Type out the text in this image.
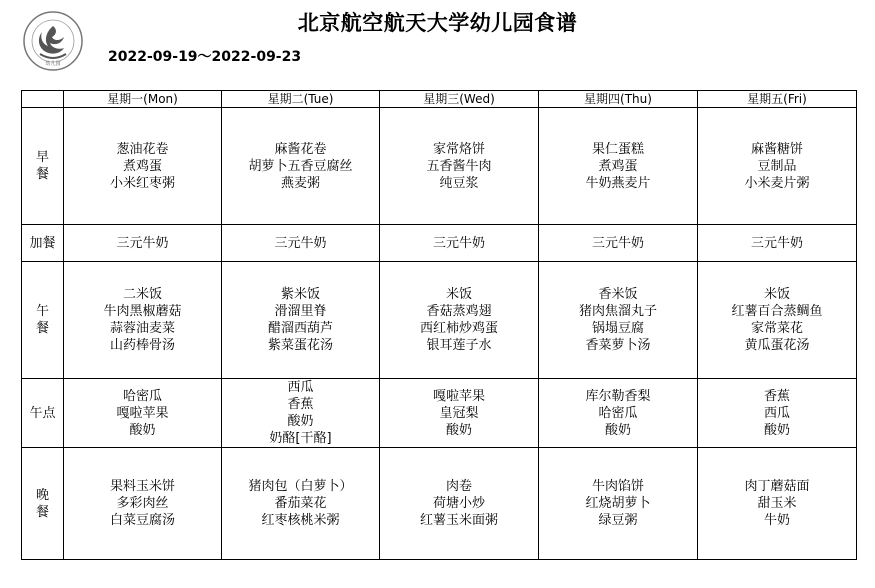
幼儿园
北京航空航天大学幼儿园食谱
2022-09-19～2022-09-23
	星期一(Mon)	星期二(Tue)	星期三(Wed)	星期四(Thu)	星期五(Fri)

早
餐	葱油花卷
煮鸡蛋
小米红枣粥	麻酱花卷
胡萝卜五香豆腐丝
燕麦粥	家常烙饼
五香酱牛肉
纯豆浆	果仁蛋糕
煮鸡蛋
牛奶燕麦片	麻酱糖饼
豆制品
小米麦片粥

加餐	三元牛奶	三元牛奶	三元牛奶	三元牛奶	三元牛奶

午
餐	二米饭
牛肉黑椒蘑菇
蒜蓉油麦菜
山药棒骨汤	紫米饭
滑溜里脊
醋溜西葫芦
紫菜蛋花汤	米饭
香菇蒸鸡翅
西红柿炒鸡蛋
银耳莲子水	香米饭
猪肉焦溜丸子
锅塌豆腐
香菜萝卜汤	米饭
红薯百合蒸鲷鱼
家常菜花
黄瓜蛋花汤

午点	哈密瓜
嘎啦苹果
酸奶	西瓜
香蕉
酸奶
奶酪[干酪]	嘎啦苹果
皇冠梨
酸奶	库尔勒香梨
哈密瓜
酸奶	香蕉
西瓜
酸奶

晚
餐	果料玉米饼
多彩肉丝
白菜豆腐汤	猪肉包（白萝卜）
番茄菜花
红枣核桃米粥	肉卷
荷塘小炒
红薯玉米面粥	牛肉馅饼
红烧胡萝卜
绿豆粥	肉丁蘑菇面
甜玉米
牛奶
